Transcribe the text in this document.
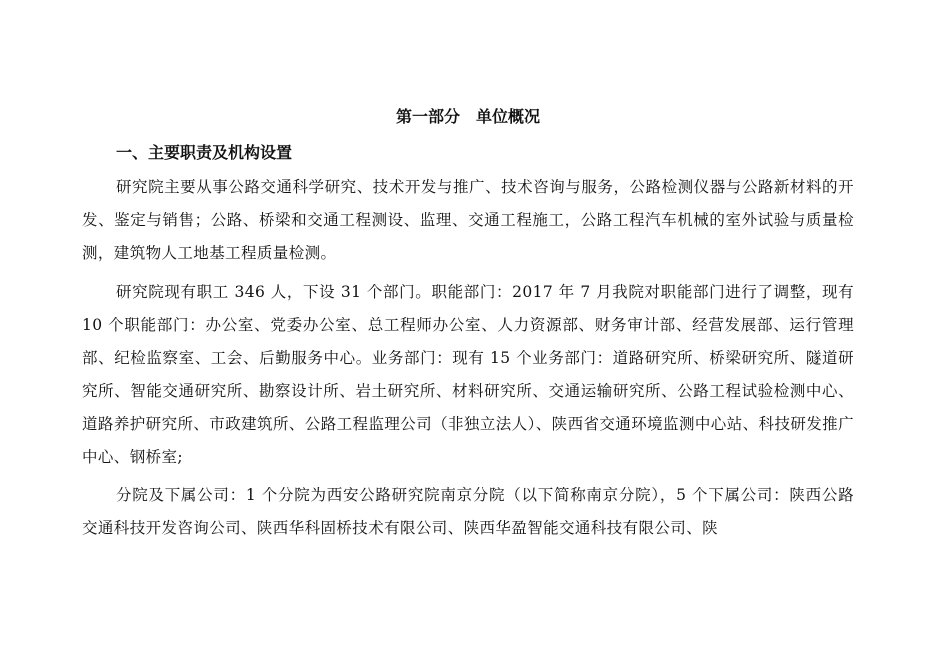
第一部分　单位概况
一、主要职责及机构设置

研究院主要从事公路交通科学研究、技术开发与推广、技术咨询与服务，公路检测仪器与公路新材料的开发、鉴定与销售；公路、桥梁和交通工程测设、监理、交通工程施工，公路工程汽车机械的室外试验与质量检测，建筑物人工地基工程质量检测。

研究院现有职工 346 人，下设 31 个部门。职能部门：2017 年 7 月我院对职能部门进行了调整，现有 10 个职能部门：办公室、党委办公室、总工程师办公室、人力资源部、财务审计部、经营发展部、运行管理部、纪检监察室、工会、后勤服务中心。业务部门：现有 15 个业务部门：道路研究所、桥梁研究所、隧道研究所、智能交通研究所、勘察设计所、岩土研究所、材料研究所、交通运输研究所、公路工程试验检测中心、道路养护研究所、市政建筑所、公路工程监理公司（非独立法人）、陕西省交通环境监测中心站、科技研发推广中心、钢桥室;

分院及下属公司：1 个分院为西安公路研究院南京分院（以下简称南京分院），5 个下属公司：陕西公路交通科技开发咨询公司、陕西华科固桥技术有限公司、陕西华盈智能交通科技有限公司、陕
